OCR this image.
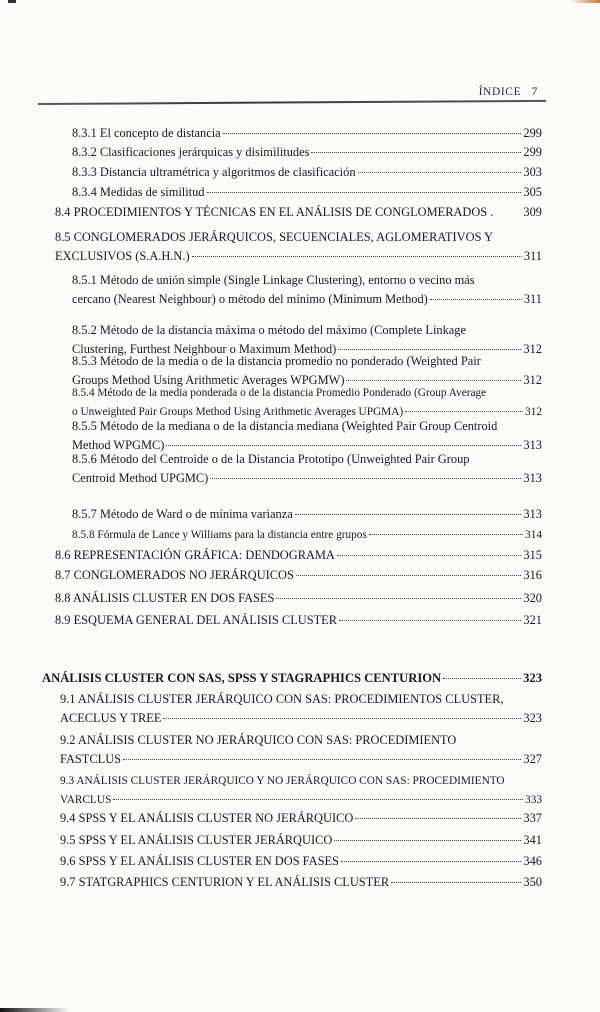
ÍNDICE 7
8.3.1 El concepto de distancia	299
8.3.2 Clasificaciones jerárquicas y disimilitudes	299
8.3.3 Distancia ultramétrica y algoritmos de clasificación	303
8.3.4 Medidas de similitud	305
8.4 PROCEDIMIENTOS Y TÉCNICAS EN EL ANÁLISIS DE CONGLOMERADOS . 309
8.5 CONGLOMERADOS JERÁRQUICOS, SECUENCIALES, AGLOMERATIVOS Y
EXCLUSIVOS (S.A.H.N.)	311
8.5.1 Método de unión simple (Single Linkage Clustering), entorno o vecino más
cercano (Nearest Neighbour) o método del mínimo (Minimum Method)	311
8.5.2 Método de la distancia máxima o método del máximo (Complete Linkage
Clustering, Furthest Neighbour o Maximum Method)	312
8.5.3 Método de la media o de la distancia promedio no ponderado (Weighted Pair
Groups Method Using Arithmetic Averages WPGMW)	312
8.5.4 Método de la media ponderada o de la distancia Promedio Ponderado (Group Average
o Unweighted Pair Groups Method Using Arithmetic Averages UPGMA)	312
8.5.5 Método de la mediana o de la distancia mediana (Weighted Pair Group Centroid
Method WPGMC)	313
8.5.6 Método del Centroide o de la Distancia Prototipo (Unweighted Pair Group
Centroid Method UPGMC)	313
8.5.7 Método de Ward o de mínima varianza	313
8.5.8 Fórmula de Lance y Williams para la distancia entre grupos	314
8.6 REPRESENTACIÓN GRÁFICA: DENDOGRAMA	315
8.7 CONGLOMERADOS NO JERÁRQUICOS	316
8.8 ANÁLISIS CLUSTER EN DOS FASES	320
8.9 ESQUEMA GENERAL DEL ANÁLISIS CLUSTER	321
ANÁLISIS CLUSTER CON SAS, SPSS Y STAGRAPHICS CENTURION	323
9.1 ANÁLISIS CLUSTER JERÁRQUICO CON SAS: PROCEDIMIENTOS CLUSTER,
ACECLUS Y TREE	323
9.2 ANÁLISIS CLUSTER NO JERÁRQUICO CON SAS: PROCEDIMIENTO
FASTCLUS	327
9.3 ANÁLISIS CLUSTER JERÁRQUICO Y NO JERÁRQUICO CON SAS: PROCEDIMIENTO
VARCLUS	333
9.4 SPSS Y EL ANÁLISIS CLUSTER NO JERÁRQUICO	337
9.5 SPSS Y EL ANÁLISIS CLUSTER JERÁRQUICO	341
9.6 SPSS Y EL ANÁLISIS CLUSTER EN DOS FASES	346
9.7 STATGRAPHICS CENTURION Y EL ANÁLISIS CLUSTER	350
